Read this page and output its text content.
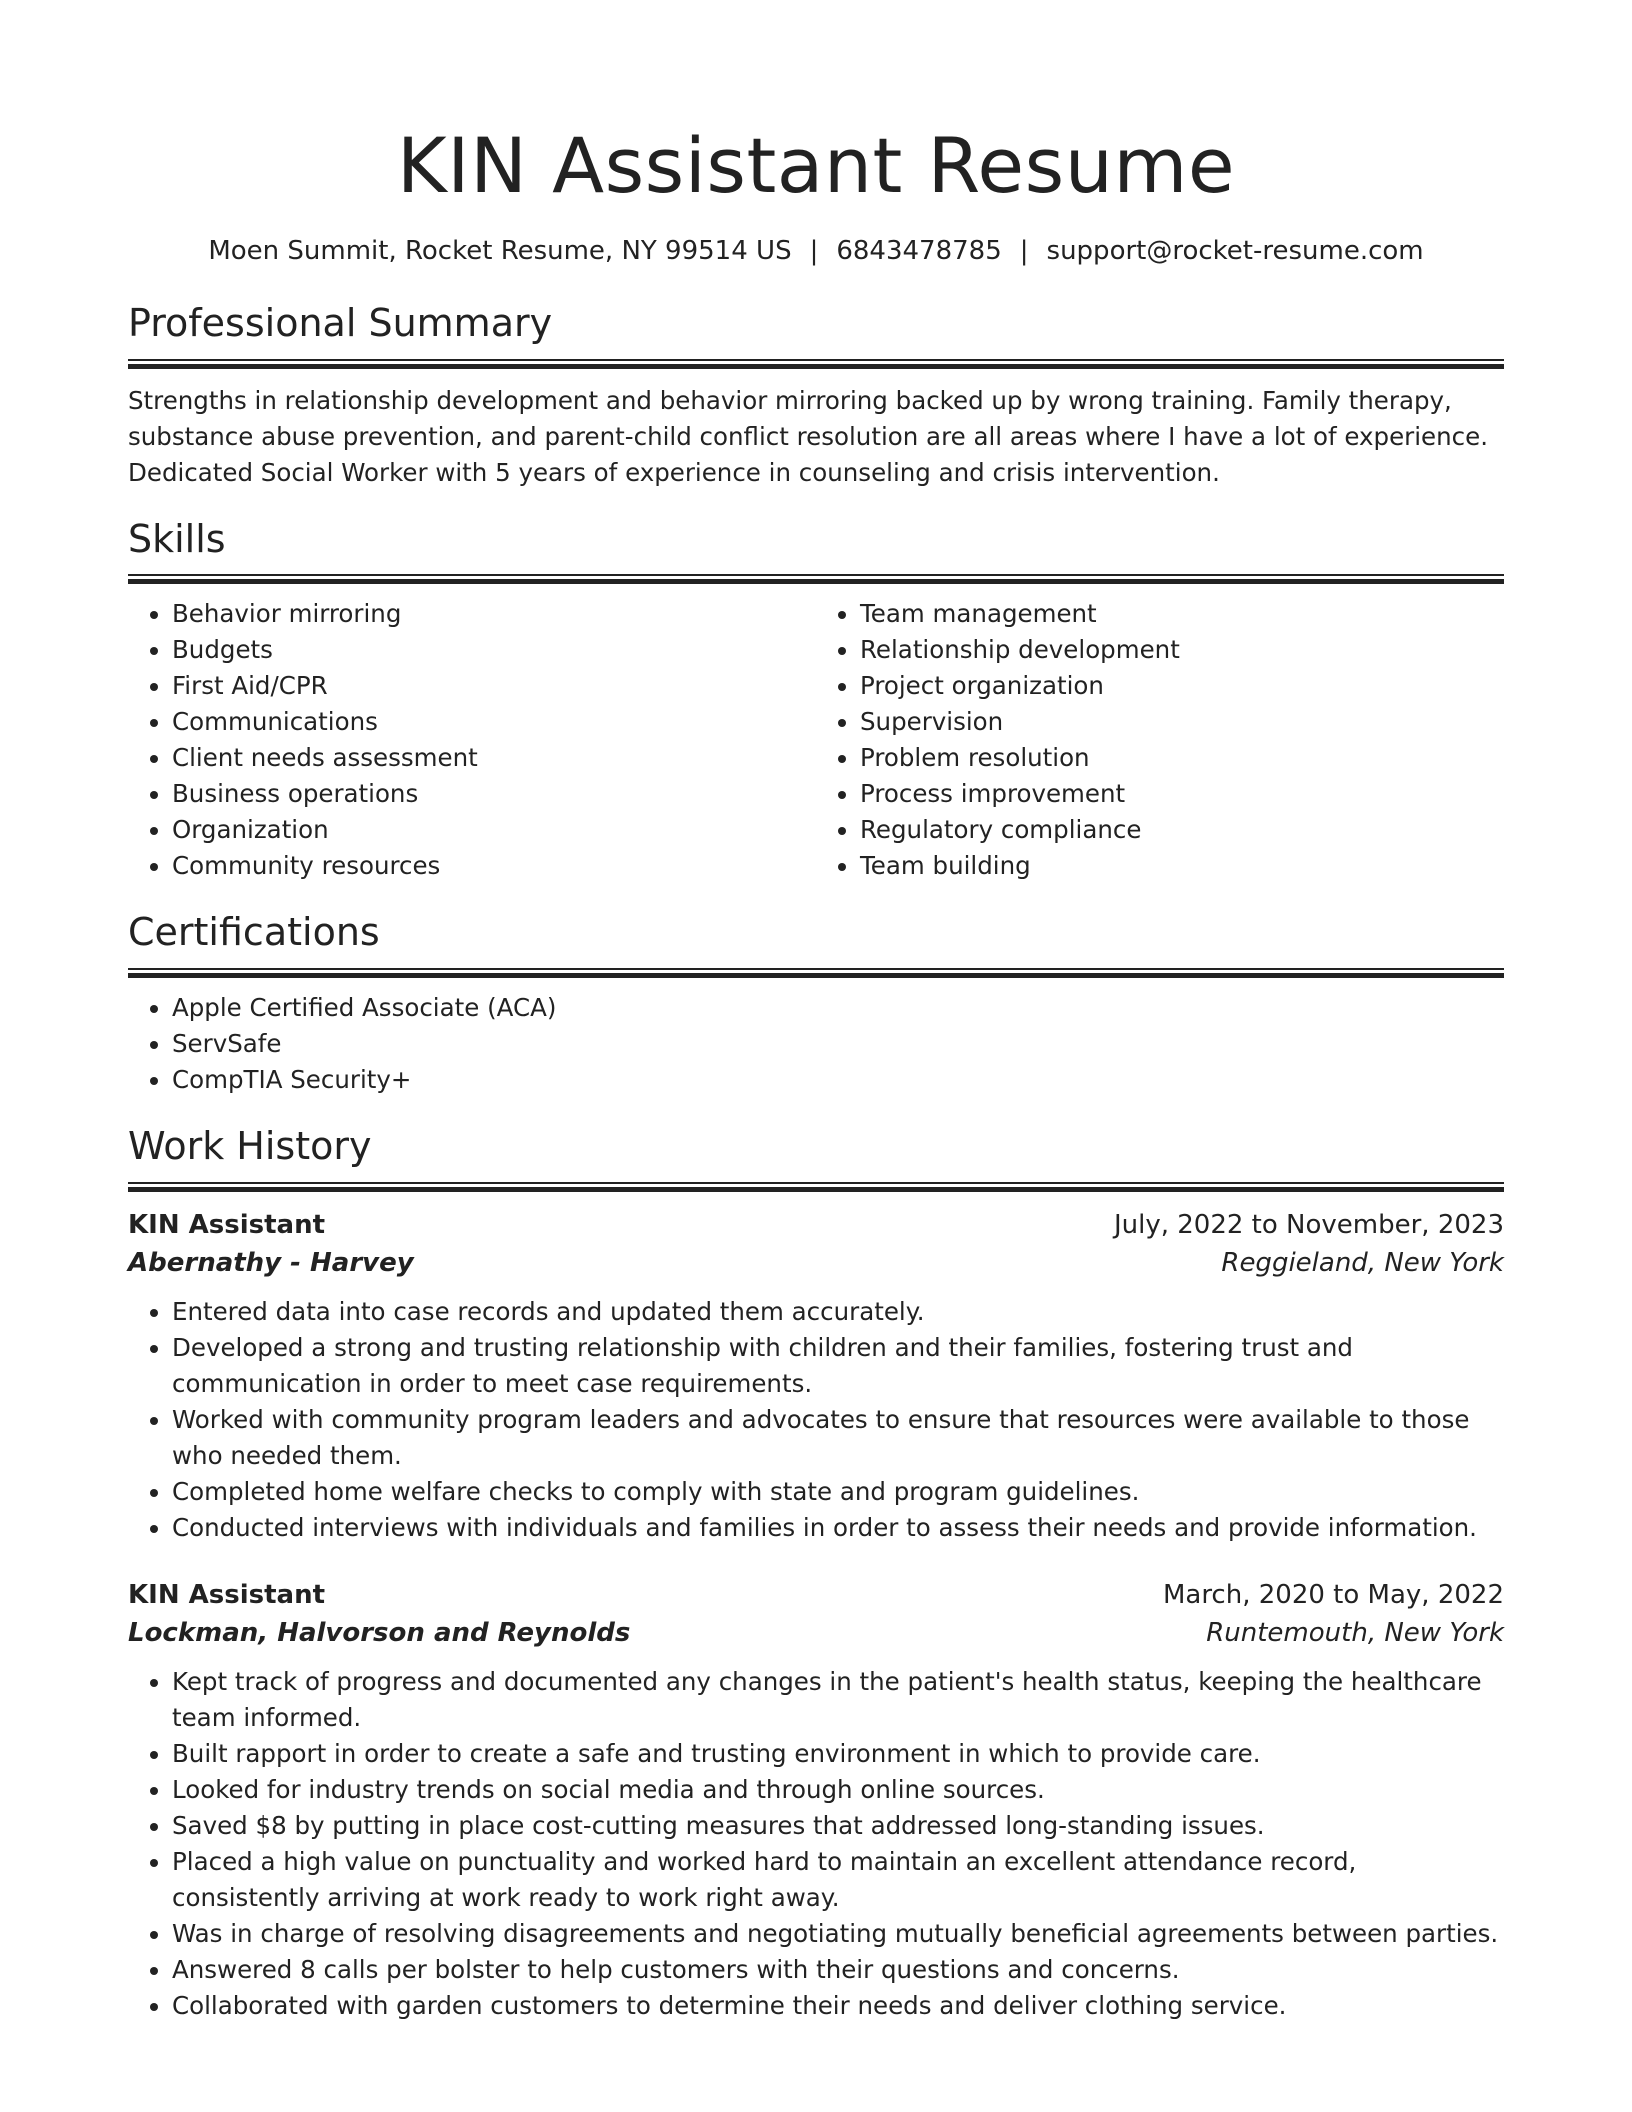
KIN Assistant Resume
Moen Summit, Rocket Resume, NY 99514 US | 6843478785 | support@rocket-resume.com
Professional Summary
Strengths in relationship development and behavior mirroring backed up by wrong training. Family therapy, substance abuse prevention, and parent-child conflict resolution are all areas where I have a lot of experience. Dedicated Social Worker with 5 years of experience in counseling and crisis intervention.
Skills
• Behavior mirroring
• Budgets
• First Aid/CPR
• Communications
• Client needs assessment
• Business operations
• Organization
• Community resources
• Team management
• Relationship development
• Project organization
• Supervision
• Problem resolution
• Process improvement
• Regulatory compliance
• Team building
Certifications
• Apple Certified Associate (ACA)
• ServSafe
• CompTIA Security+
Work History
KIN Assistant	July, 2022 to November, 2023
Abernathy - Harvey	Reggieland, New York
• Entered data into case records and updated them accurately.
• Developed a strong and trusting relationship with children and their families, fostering trust and communication in order to meet case requirements.
• Worked with community program leaders and advocates to ensure that resources were available to those who needed them.
• Completed home welfare checks to comply with state and program guidelines.
• Conducted interviews with individuals and families in order to assess their needs and provide information.
KIN Assistant	March, 2020 to May, 2022
Lockman, Halvorson and Reynolds	Runtemouth, New York
• Kept track of progress and documented any changes in the patient's health status, keeping the healthcare team informed.
• Built rapport in order to create a safe and trusting environment in which to provide care.
• Looked for industry trends on social media and through online sources.
• Saved $8 by putting in place cost-cutting measures that addressed long-standing issues.
• Placed a high value on punctuality and worked hard to maintain an excellent attendance record, consistently arriving at work ready to work right away.
• Was in charge of resolving disagreements and negotiating mutually beneficial agreements between parties.
• Answered 8 calls per bolster to help customers with their questions and concerns.
• Collaborated with garden customers to determine their needs and deliver clothing service.
